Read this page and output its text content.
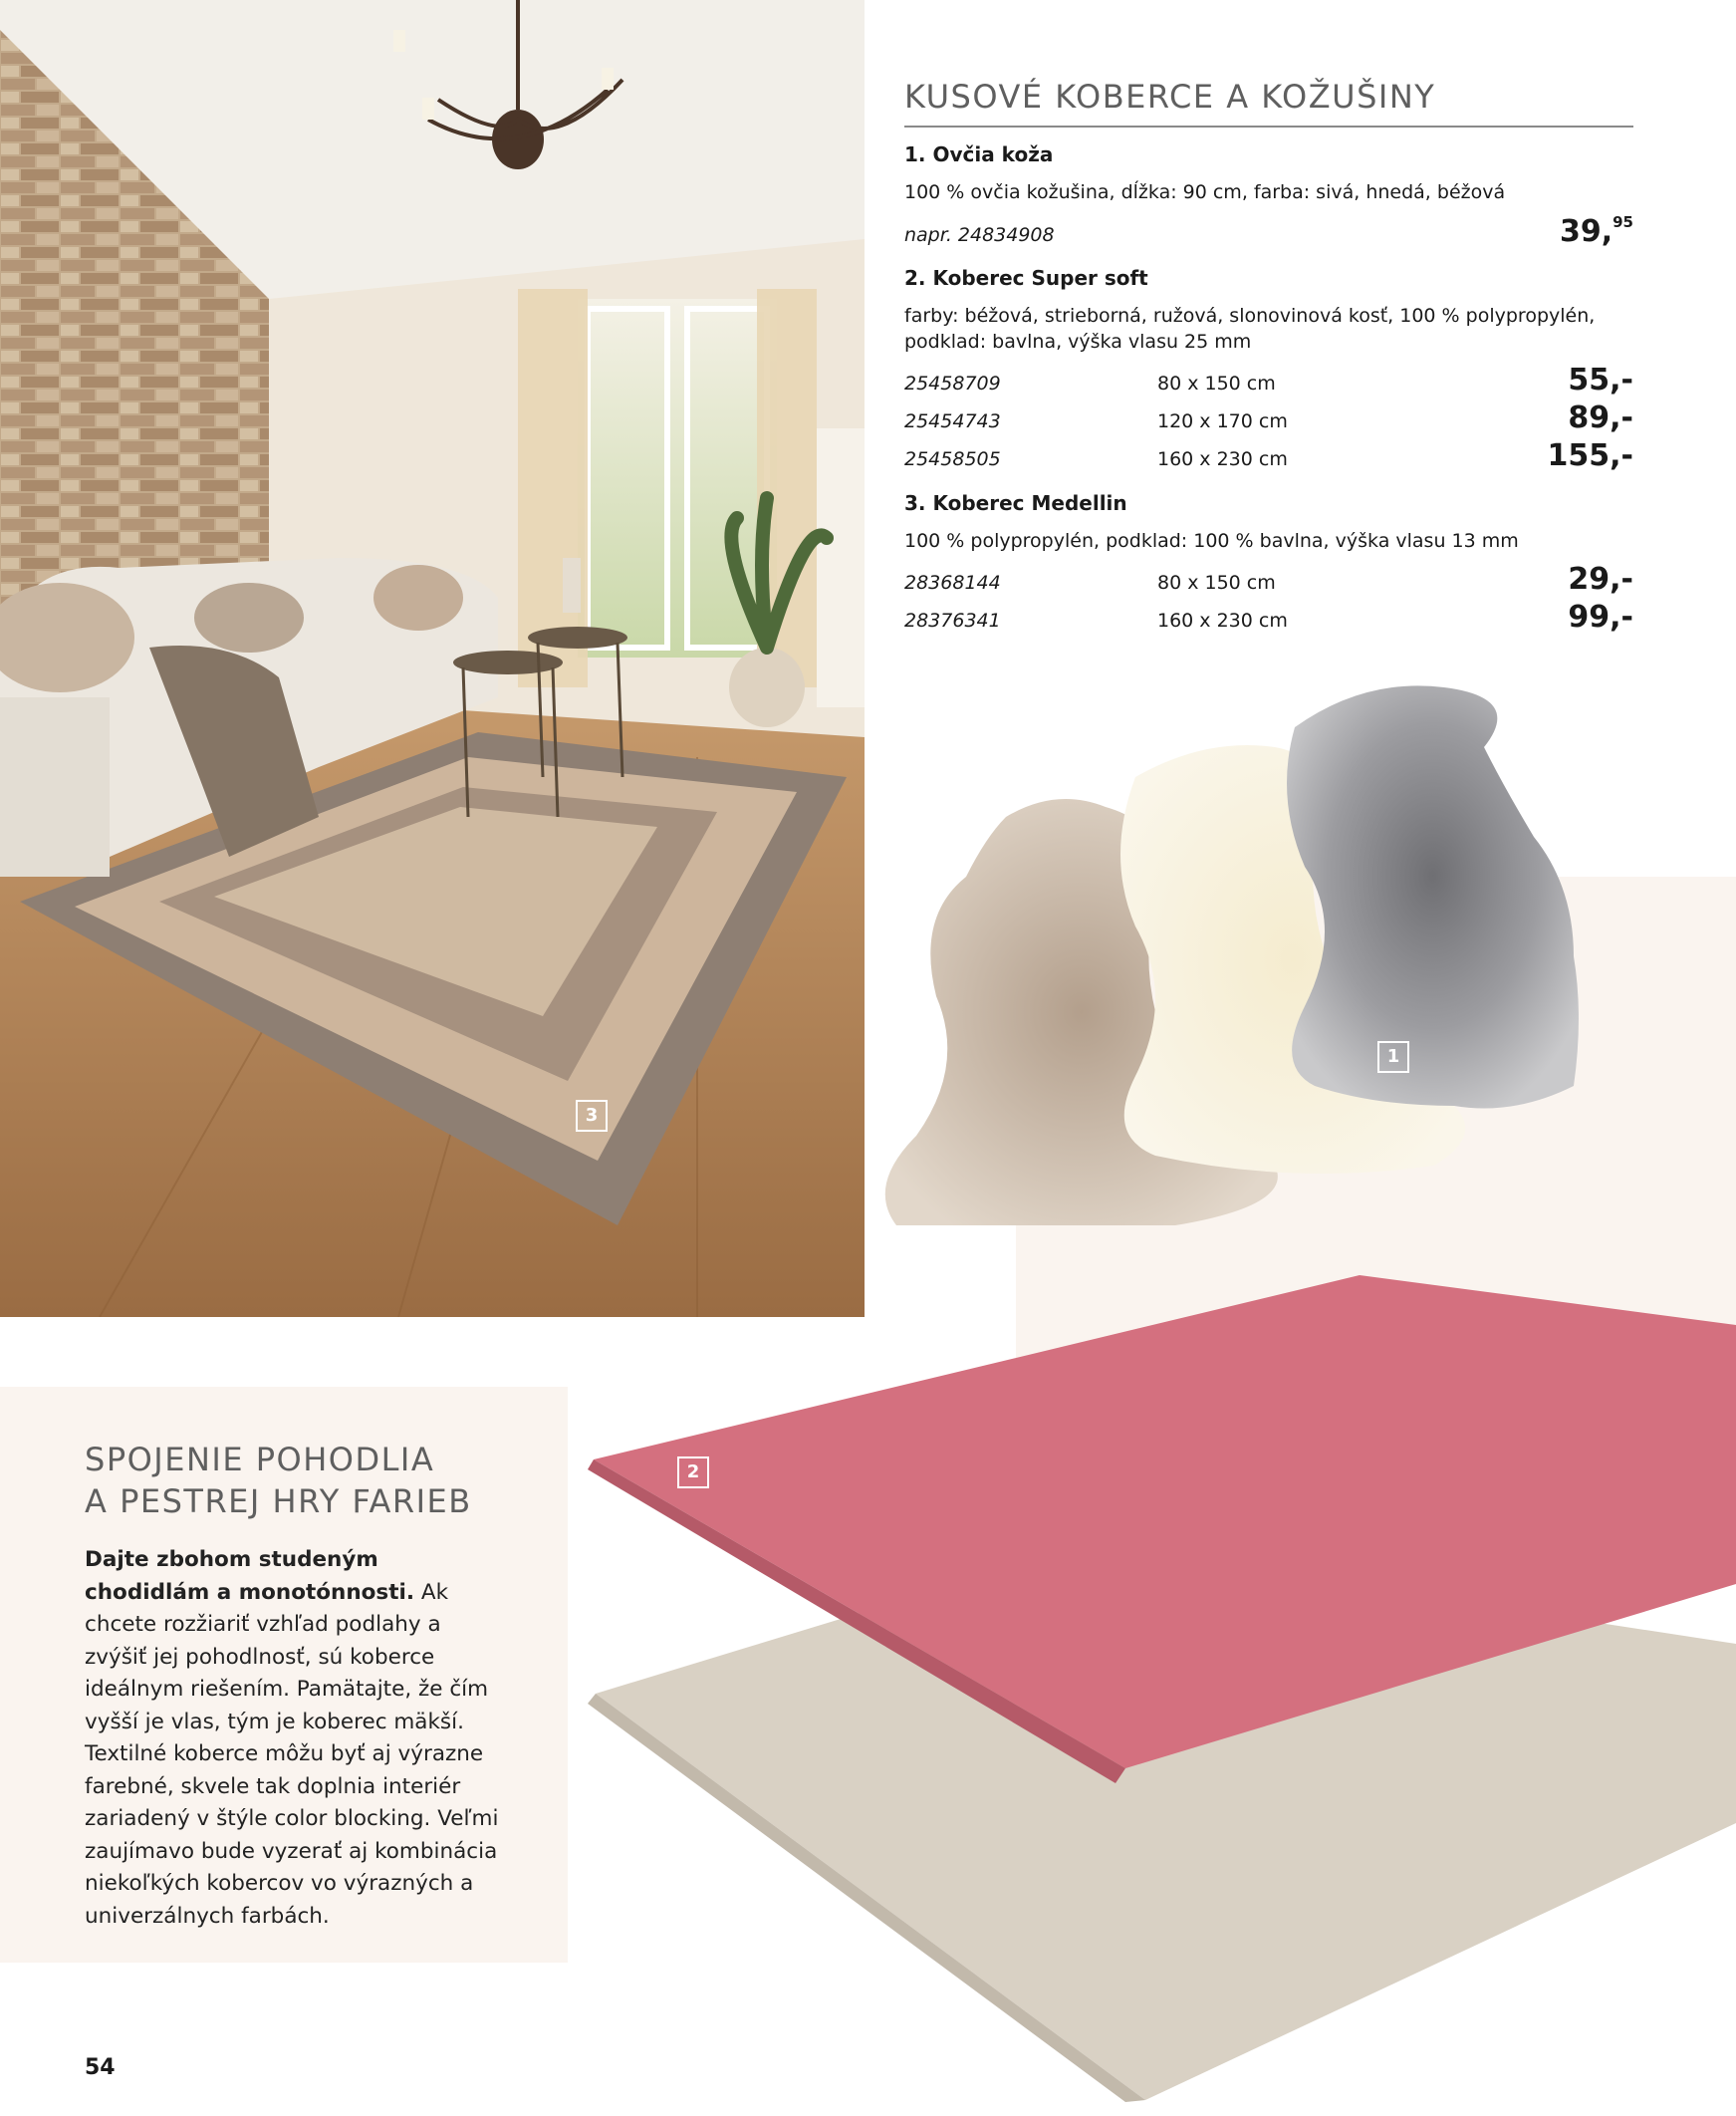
3
KUSOVÉ KOBERCE A KOŽUŠINY

1. Ovčia koža

100 % ovčia kožušina, dĺžka: 90 cm, farba: sivá, hnedá, béžová

napr. 24834908	39,95

2. Koberec Super soft

farby: béžová, strieborná, ružová, slonovinová kosť, 100 % polypropylén, podklad: bavlna, výška vlasu 25 mm

25458709	80 x 150 cm	55,-
25454743	120 x 170 cm	89,-
25458505	160 x 230 cm	155,-

3. Koberec Medellin

100 % polypropylén, podklad: 100 % bavlna, výška vlasu 13 mm

28368144	80 x 150 cm	29,-
28376341	160 x 230 cm	99,-
1
2
SPOJENIE POHODLIA
A PESTREJ HRY FARIEB

Dajte zbohom studeným chodidlám a monotónnosti. Ak chcete rozžiariť vzhľad podlahy a zvýšiť jej pohodlnosť, sú koberce ideálnym riešením. Pamätajte, že čím vyšší je vlas, tým je koberec mäkší. Textilné koberce môžu byť aj výrazne farebné, skvele tak doplnia interiér zariadený v štýle color blocking. Veľmi zaujímavo bude vyzerať aj kombinácia niekoľkých kobercov vo výrazných a univerzálnych farbách.

54
